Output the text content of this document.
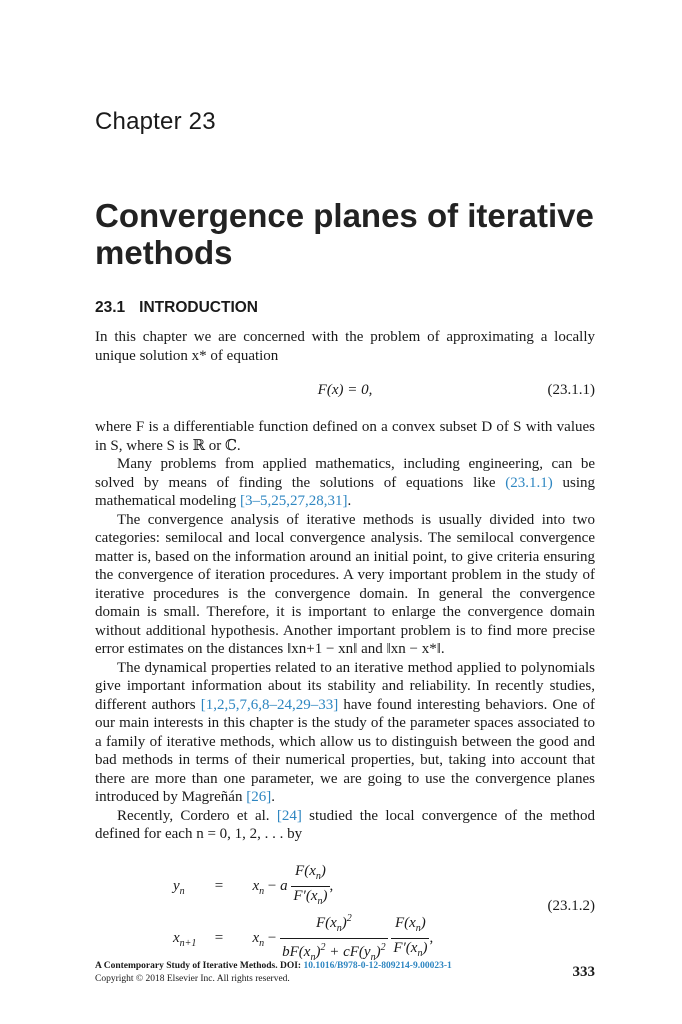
Chapter 23
Convergence planes of iterative methods
23.1 INTRODUCTION

In this chapter we are concerned with the problem of approximating a locally unique solution x* of equation

F(x) = 0,	(23.1.1)

where F is a differentiable function defined on a convex subset D of S with values in S, where S is ℝ or ℂ.

Many problems from applied mathematics, including engineering, can be solved by means of finding the solutions of equations like (23.1.1) using mathematical modeling [3–5,25,27,28,31].

The convergence analysis of iterative methods is usually divided into two categories: semilocal and local convergence analysis. The semilocal convergence matter is, based on the information around an initial point, to give criteria ensuring the convergence of iteration procedures. A very important problem in the study of iterative procedures is the convergence domain. In general the convergence domain is small. Therefore, it is important to enlarge the convergence domain without additional hypothesis. Another important problem is to find more precise error estimates on the distances ‖xn+1 − xn‖ and ‖xn − x*‖.

The dynamical properties related to an iterative method applied to polynomials give important information about its stability and reliability. In recently studies, different authors [1,2,5,7,6,8–24,29–33] have found interesting behaviors. One of our main interests in this chapter is the study of the parameter spaces associated to a family of iterative methods, which allow us to distinguish between the good and bad methods in terms of their numerical properties, but, taking into account that there are more than one parameter, we are going to use the convergence planes introduced by Magreñán [26].

Recently, Cordero et al. [24] studied the local convergence of the method defined for each n = 0, 1, 2, . . . by

$y_n = x_n - a \frac{F(x_n)}{F'(x_n)}$ ,
$x_{n+1} = x_n - \frac{F(x_n)^2}{bF(x_n)^2 + cF(y_n)^2}$
$\frac{F(x_n)}{F'(x_n)}$ ,
(23.1.2)
A Contemporary Study of Iterative Methods. DOI: 10.1016/B978-0-12-809214-9.00023-1
Copyright © 2018 Elsevier Inc. All rights reserved.	333
